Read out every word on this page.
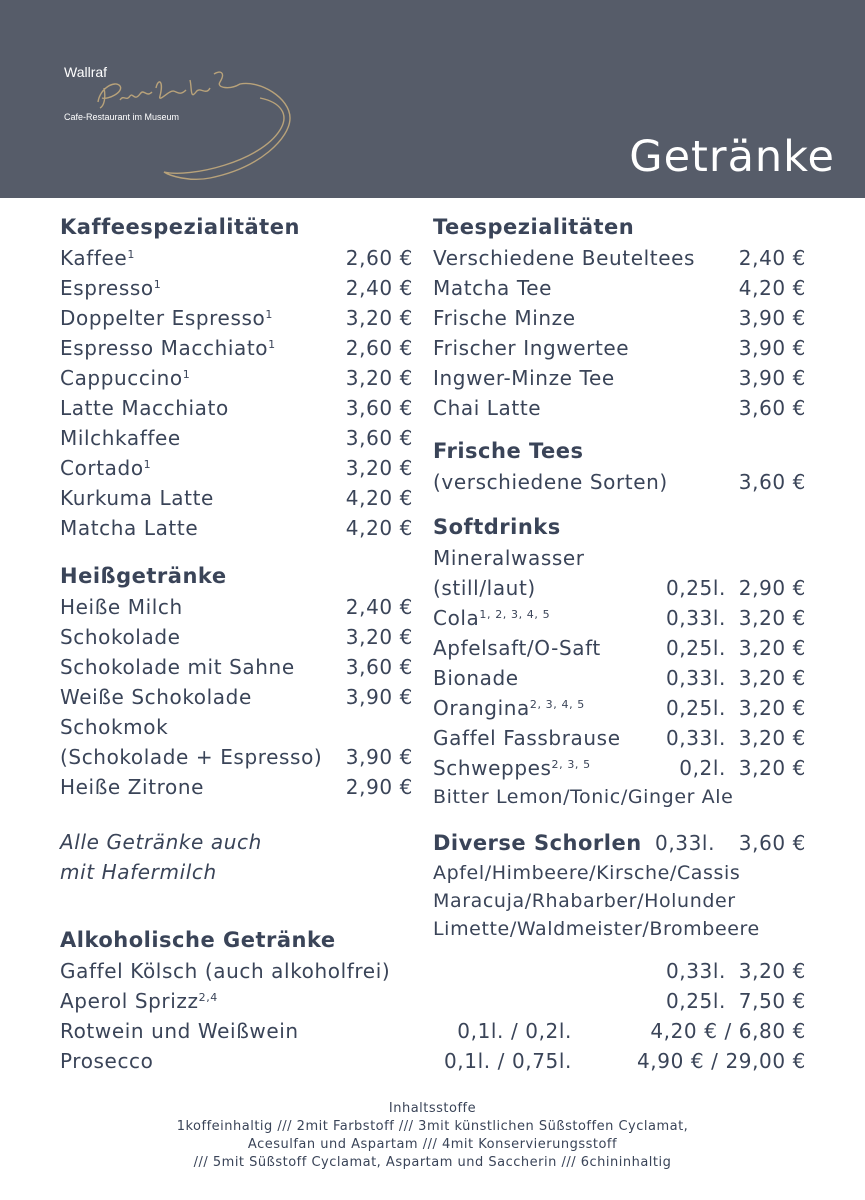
Wallraf
Cafe-Restaurant im Museum
Getränke
Kaffeespezialitäten
Kaffee$^1$	2,60 €
Espresso$^1$	2,40 €
Doppelter Espresso$^1$	3,20 €
Espresso Macchiato$^1$	2,60 €
Cappuccino$^1$	3,20 €
Latte Macchiato	3,60 €
Milchkaffee	3,60 €
Cortado$^1$	3,20 €
Kurkuma Latte	4,20 €
Matcha Latte	4,20 €
Heißgetränke
Heiße Milch	2,40 €
Schokolade	3,20 €
Schokolade mit Sahne	3,60 €
Weiße Schokolade	3,90 €
Schokmok
(Schokolade + Espresso) 3,90 €
Heiße Zitrone	2,90 €
Alle Getränke auch
mit Hafermilch
Teespezialitäten
Verschiedene Beuteltees 2,40 €
Matcha Tee	4,20 €
Frische Minze	3,90 €
Frischer Ingwertee	3,90 €
Ingwer-Minze Tee	3,90 €
Chai Latte	3,60 €
Frische Tees
(verschiedene Sorten)	3,60 €
Softdrinks
Mineralwasser
(still/laut)	0,25l. 2,90 €
Cola$^{1, 2, 3, 4, 5}$	0,33l. 3,20 €
Apfelsaft/O-Saft	0,25l. 3,20 €
Bionade	0,33l. 3,20 €
Orangina$^{2, 3, 4, 5}$	0,25l. 3,20 €
Gaffel Fassbrause 0,33l. 3,20 €
Schweppes$^{2, 3, 5}$	0,2l. 3,20 €
Bitter Lemon/Tonic/Ginger Ale
Diverse Schorlen 0,33l. 3,60 €
Apfel/Himbeere/Kirsche/Cassis
Maracuja/Rhabarber/Holunder
Limette/Waldmeister/Brombeere
Alkoholische Getränke
Gaffel Kölsch (auch alkoholfrei)	0,33l. 3,20 €
Aperol Sprizz$^{2,4}$	0,25l. 7,50 €
Rotwein und Weißwein	0,1l. / 0,2l.	4,20 € / 6,80 €
Prosecco	0,1l. / 0,75l.	4,90 € / 29,00 €
Inhaltsstoffe
1koffeinhaltig /// 2mit Farbstoff /// 3mit künstlichen Süßstoffen Cyclamat,
Acesulfan und Aspartam /// 4mit Konservierungsstoff
/// 5mit Süßstoff Cyclamat, Aspartam und Saccherin /// 6chininhaltig
